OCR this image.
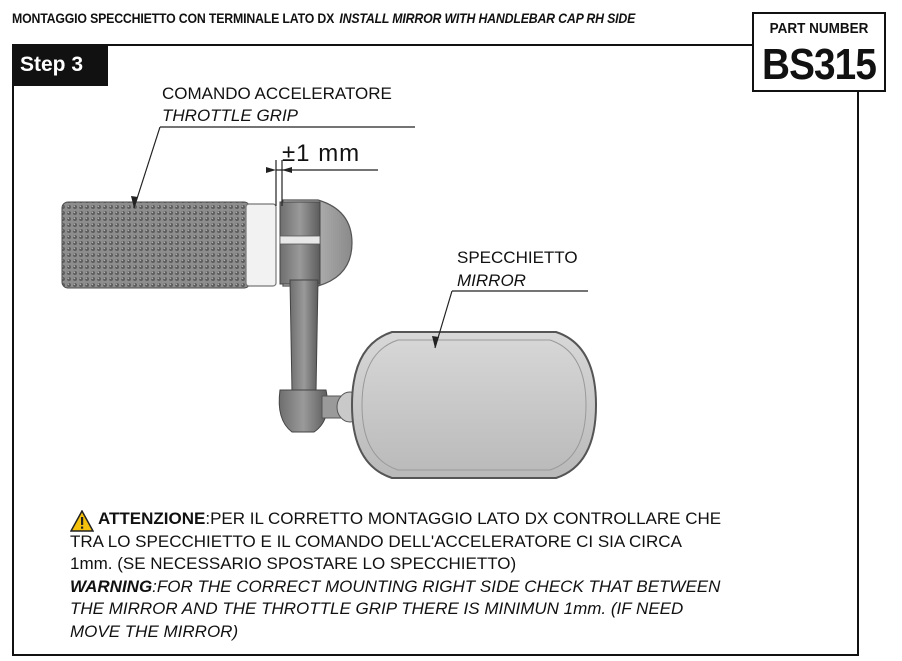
MONTAGGIO SPECCHIETTO CON TERMINALE LATO DX INSTALL MIRROR WITH HANDLEBAR CAP RH SIDE
Step 3
PART NUMBER
BS315
COMANDO ACCELERATORE
THROTTLE GRIP
±1 mm
SPECCHIETTO
MIRROR
ATTENZIONE:PER IL CORRETTO MONTAGGIO LATO DX CONTROLLARE CHE
TRA LO SPECCHIETTO E IL COMANDO DELL'ACCELERATORE CI SIA CIRCA
1mm. (SE NECESSARIO SPOSTARE LO SPECCHIETTO)
WARNING:FOR THE CORRECT MOUNTING RIGHT SIDE CHECK THAT BETWEEN
THE MIRROR AND THE THROTTLE GRIP THERE IS MINIMUN 1mm. (IF NEED
MOVE THE MIRROR)
